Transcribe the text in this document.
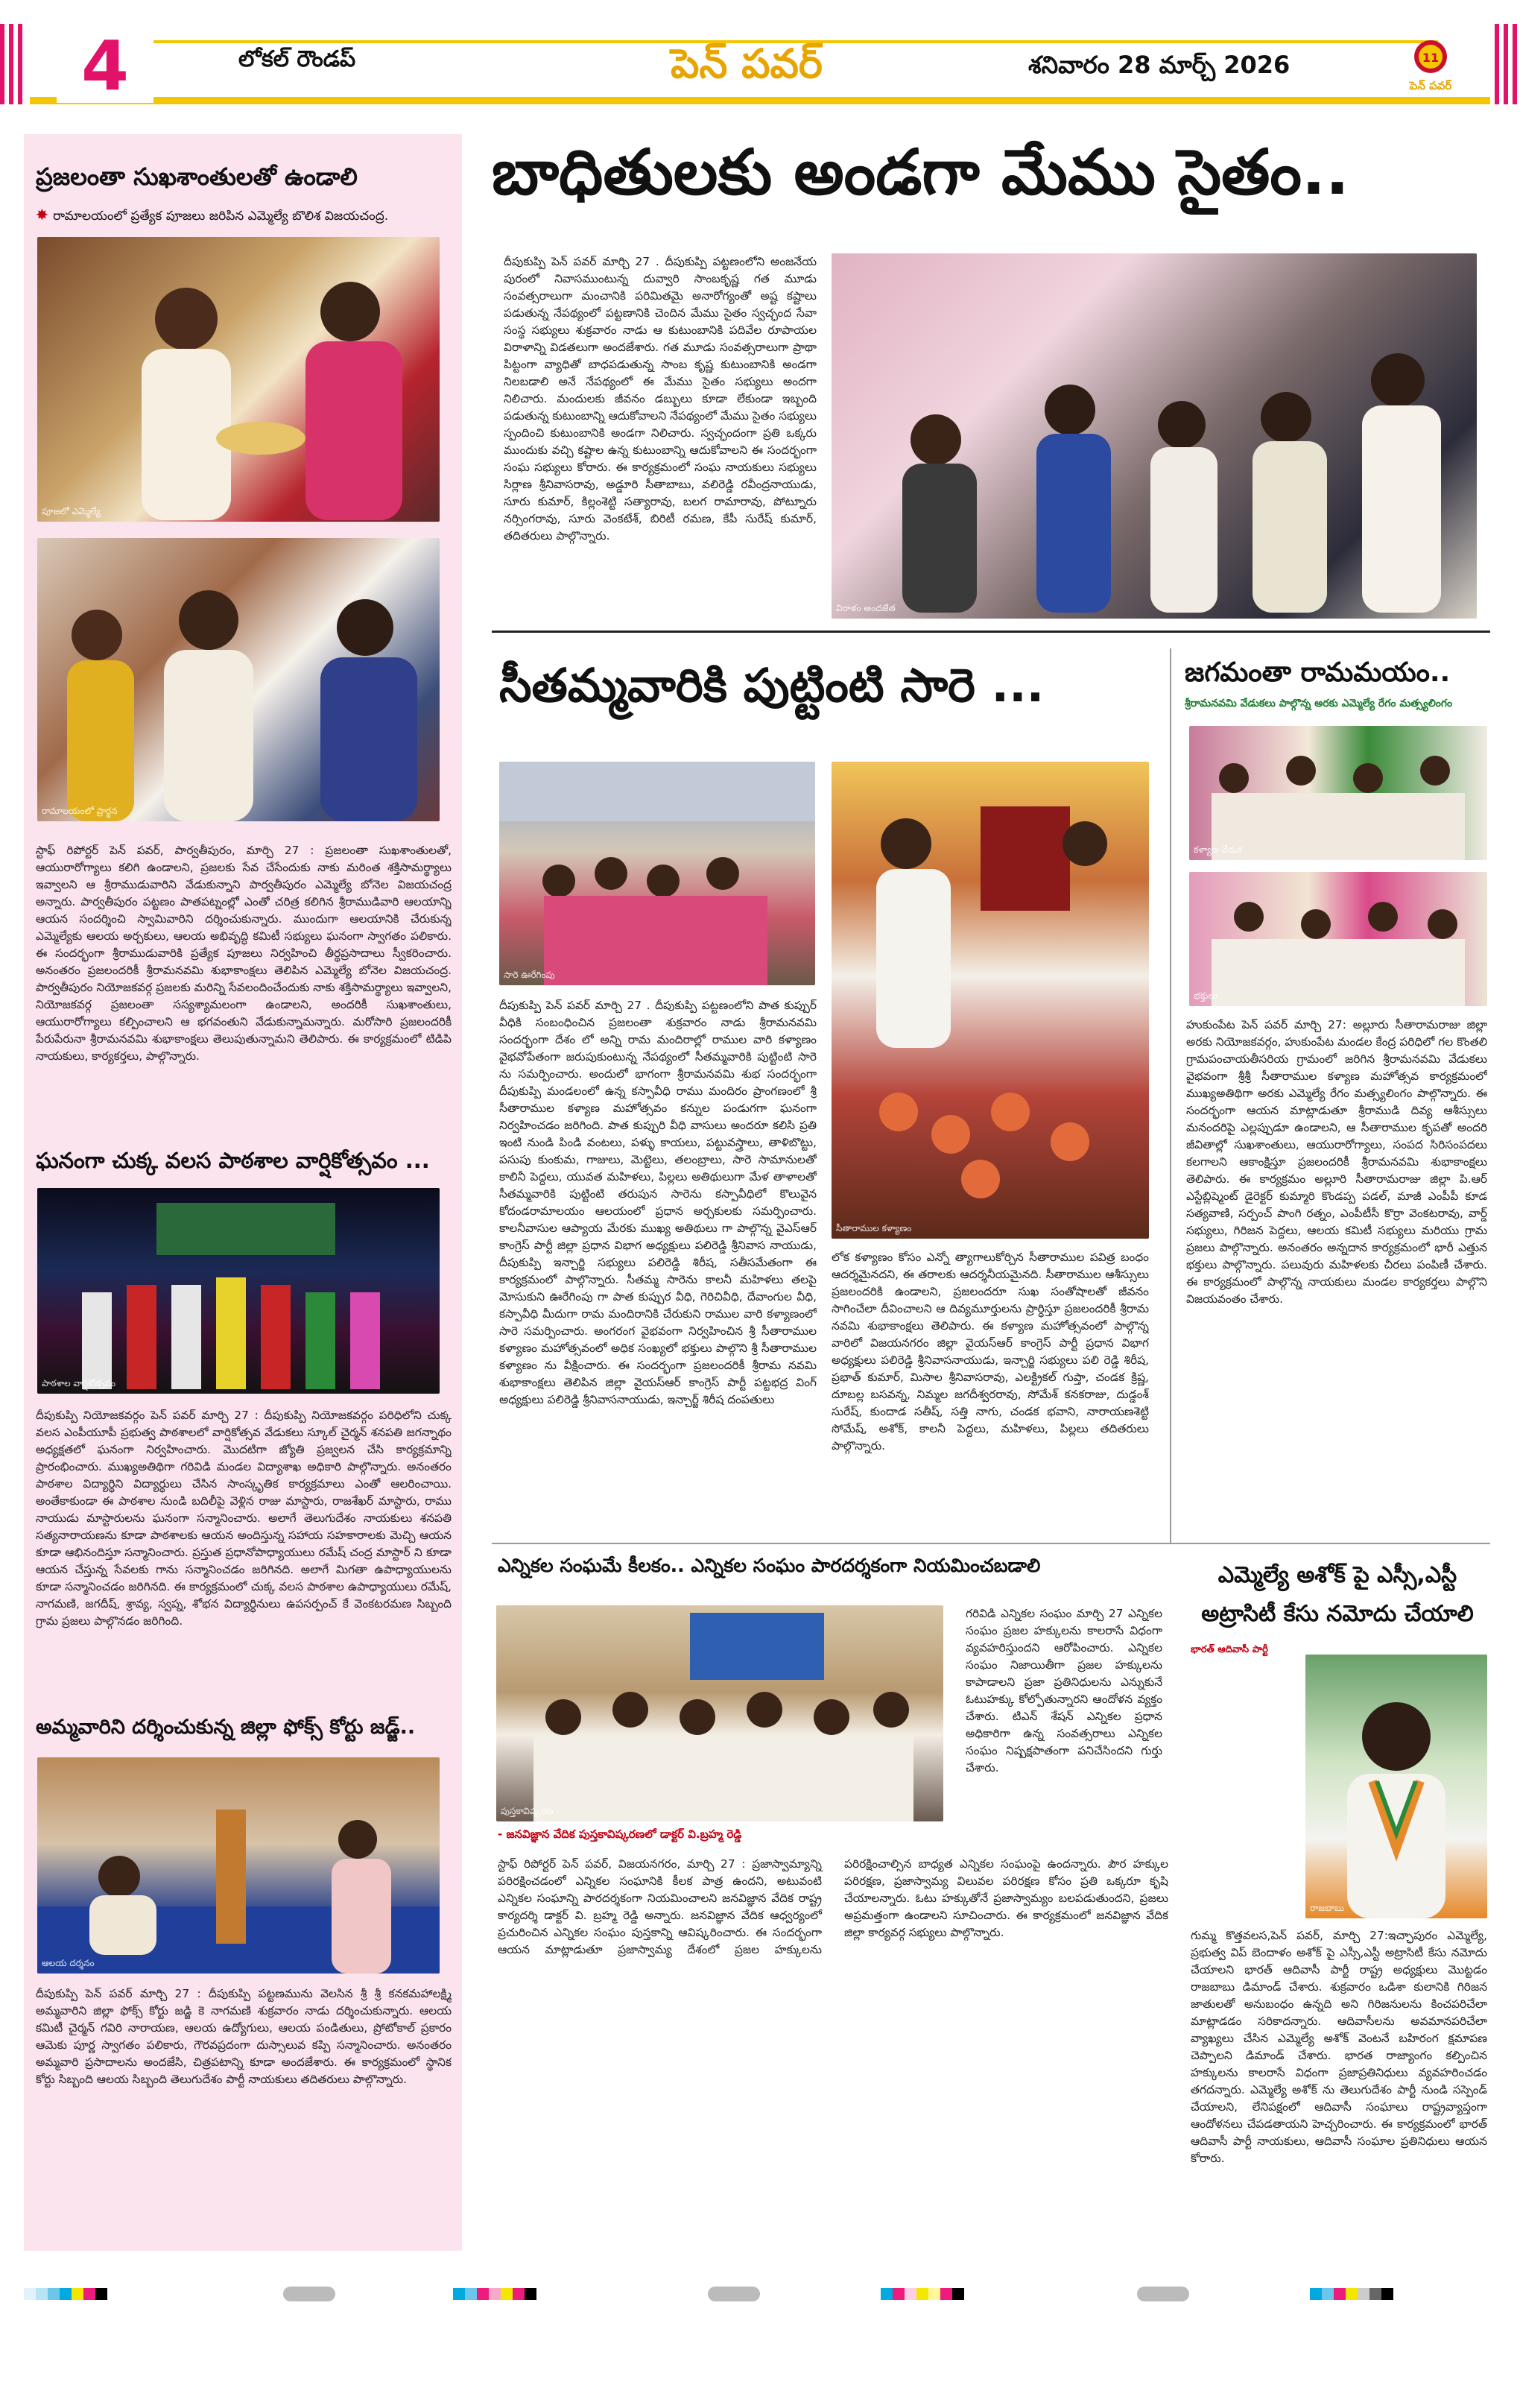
4	లోకల్ రౌండప్	పెన్ పవర్	శనివారం 28 మార్చ్ 2026	11
పెన్ పవర్
ప్రజలంతా సుఖశాంతులతో ఉండాలి
✸ రామాలయంలో ప్రత్యేక పూజలు జరిపిన ఎమ్మెల్యే బొలిశ విజయచంద్ర.
పూజలో ఎమ్మెల్యే
రామాలయంలో ప్రార్థన
స్టాఫ్ రిపోర్టర్ పెన్ పవర్, పార్వతీపురం, మార్చి 27 : ప్రజలంతా సుఖశాంతులతో, ఆయురారోగ్యాలు కలిగి ఉండాలని, ప్రజలకు సేవ చేసేందుకు నాకు మరింత శక్తిసామర్థ్యాలు ఇవ్వాలని ఆ శ్రీరాముడువారిని వేడుకున్నాని పార్వతీపురం ఎమ్మెల్యే బోనెల విజయచంద్ర అన్నారు. పార్వతీపురం పట్టణం పాతపట్నంల్లో ఎంతో చరిత్ర కలిగిన శ్రీరాముడివారి ఆలయాన్ని ఆయన సందర్శించి స్వామివారిని దర్శించుకున్నారు. ముందుగా ఆలయానికి చేరుకున్న ఎమ్మెల్యేకు ఆలయ అర్చకులు, ఆలయ అభివృద్ధి కమిటీ సభ్యులు ఘనంగా స్వాగతం పలికారు. ఈ సందర్భంగా శ్రీరాముడువారికి ప్రత్యేక పూజలు నిర్వహించి తీర్థప్రసాదాలు స్వీకరించారు. అనంతరం ప్రజలందరికీ శ్రీరామనవమి శుభాకాంక్షలు తెలిపిన ఎమ్మెల్యే బోనెల విజయచంద్ర. పార్వతీపురం నియోజకవర్గ ప్రజలకు మరిన్ని సేవలందించేందుకు నాకు శక్తిసామర్థ్యాలు ఇవ్వాలని, నియోజకవర్గ ప్రజలంతా సస్యశ్యామలంగా ఉండాలని, అందరికీ సుఖశాంతులు, ఆయురారోగ్యాలు కల్పించాలని ఆ భగవంతుని వేడుకున్నామన్నారు. మరోసారి ప్రజలందరికీ పేరుపేరునా శ్రీరామనవమి శుభాకాంక్షలు తెలుపుతున్నామని తెలిపారు. ఈ కార్యక్రమంలో టిడిపి నాయకులు, కార్యకర్తలు, పాల్గొన్నారు.
ఘనంగా చుక్క వలస పాఠశాల వార్షికోత్సవం ...
పాఠశాల వార్షికోత్సవం
దీపుకుప్పి నియోజకవర్గం పెన్ పవర్ మార్చి 27 : దీపుకుప్పి నియోజకవర్గం పరిధిలోని చుక్క వలస ఎంపీయూపీ ప్రభుత్వ పాఠశాలలో వార్షికోత్సవ వేడుకలు స్కూల్ చైర్మన్ శనపతి జగన్నాథం అధ్యక్షతలో ఘనంగా నిర్వహించారు. మొదటిగా జ్యోతి ప్రజ్వలన చేసి కార్యక్రమాన్ని ప్రారంభించారు. ముఖ్యఅతిథిగా గరివిడి మండల విద్యాశాఖ అధికారి పాల్గొన్నారు. అనంతరం పాఠశాల విద్యార్థిని విద్యార్థులు చేసిన సాంస్కృతిక కార్యక్రమాలు ఎంతో ఆలరించాయి. అంతేకాకుండా ఈ పాఠశాల నుండి బదిలీపై వెళ్లిన రాజు మాస్టారు, రాజశేఖర్ మాస్టారు, రాము నాయుడు మాస్టారులను ఘనంగా సన్మానించారు. అలాగే తెలుగుదేశం నాయకులు శనపతి సత్యనారాయణను కూడా పాఠశాలకు ఆయన అందిస్తున్న సహాయ సహకారాలకు మెచ్చి ఆయన కూడా ఆభినందిస్తూ సన్మానించారు. ప్రస్తుత ప్రధానోపాధ్యాయులు రమేష్ చంద్ర మాస్టార్ ని కూడా ఆయన చేస్తున్న సేవలకు గాను సన్మానించడం జరిగినది. అలాగే మిగతా ఉపాధ్యాయులను కూడా సన్మానించడం జరిగినది. ఈ కార్యక్రమంలో చుక్క వలస పాఠశాల ఉపాధ్యాయులు రమేష్, నాగమణి, జగదీష్, శ్రావ్య, స్వప్న, శోభన విద్యార్థినులు ఉపసర్పంచ్ కే వెంకటరమణ సిబ్బంది గ్రామ ప్రజలు పాల్గొనడం జరిగింది.
అమ్మవారిని దర్శించుకున్న జిల్లా ఫోక్స్ కోర్టు జడ్జ్..
ఆలయ దర్శనం
దీపుకుప్పి పెన్ పవర్ మార్చి 27 : దీపుకుప్పి పట్టణమును వెలసిన శ్రీ శ్రీ కనకమహాలక్ష్మి అమ్మవారిని జిల్లా ఫోక్స్ కోర్టు జడ్జి కె నాగమణి శుక్రవారం నాడు దర్శించుకున్నారు. ఆలయ కమిటీ చైర్మన్ గవిరి నారాయణ, ఆలయ ఉద్యోగులు, ఆలయ పండితులు, ప్రోటోకాల్ ప్రకారం ఆమెకు పూర్ణ స్వాగతం పలికారు, గౌరవప్రదంగా దుస్సాలువ కప్పి సన్మానించారు. అనంతరం అమ్మవారి ప్రసాదాలను అందజేసి, చిత్రపటాన్ని కూడా అందజేశారు. ఈ కార్యక్రమంలో స్థానిక కోర్టు సిబ్బంది ఆలయ సిబ్బంది తెలుగుదేశం పార్టీ నాయకులు తదితరులు పాల్గొన్నారు.
బాధితులకు అండగా మేము సైతం..
దీపుకుప్పి పెన్ పవర్ మార్చి 27 . దీపుకుప్పి పట్టణంలోని అంజనేయ పురంలో నివాసముంటున్న దువ్వారి సాంబకృష్ణ గత మూడు సంవత్సరాలుగా మంచానికి పరిమితమై అనారోగ్యంతో అష్ట కష్టాలు పడుతున్న నేపథ్యంలో పట్టణానికి చెందిన మేము సైతం స్వచ్ఛంద సేవా సంస్థ సభ్యులు శుక్రవారం నాడు ఆ కుటుంబానికి పదివేల రూపాయల విరాళాన్ని విడతలుగా అందజేశారు. గత మూడు సంవత్సరాలుగా ప్రాథా పిట్టంగా వ్యాధితో బాధపడుతున్న సాంబ కృష్ణ కుటుంబానికి అండగా నిలబడాలి అనే నేపథ్యంలో ఈ మేము సైతం సభ్యులు అందగా నిలిచారు. మందులకు జీవనం డబ్బులు కూడా లేకుండా ఇబ్బంది పడుతున్న కుటుంబాన్ని ఆదుకోవాలని నేపథ్యంలో మేము సైతం సభ్యులు స్పందించి కుటుంబానికి అండగా నిలిచారు. స్వచ్ఛందంగా ప్రతి ఒక్కరు ముందుకు వచ్చి కష్టాల ఉన్న కుటుంబాన్ని ఆదుకోవాలని ఈ సందర్భంగా సంఘ సభ్యులు కోరారు. ఈ కార్యక్రమంలో సంఘ నాయకులు సభ్యులు సిర్లాణ శ్రీనివాసరావు, అడ్డూరి సీతాబాబు, వలిరెడ్డి రవీంద్రనాయుడు, సూరు కుమార్, కిల్లంశెట్టి సత్యారావు, బలగ రామారావు, పోట్నూరు నర్సింగరావు, సూరు వెంకటేశ్, బిరిటీ రమణ, కేపీ సురేష్ కుమార్, తదితరులు పాల్గొన్నారు.
విరాళం అందజేత
సీతమ్మవారికి పుట్టింటి సారె ...
సారె ఊరేగింపు
సీతారాముల కళ్యాణం
దీపుకుప్పి పెన్ పవర్ మార్చి 27 . దీపుకుప్పి పట్టణంలోని పాత కుప్పుర్ వీధికి సంబంధించిన ప్రజలంతా శుక్రవారం నాడు శ్రీరామనవమి సందర్భంగా దేశం లో అన్ని రామ మందిరాల్లో రాముల వారి కళ్యాణం వైభవోపేతంగా జరుపుకుంటున్న నేపథ్యంలో సీతమ్మవారికి పుట్టింటి సారె ను సమర్పించారు. అందులో భాగంగా శ్రీరామనవమి శుభ సందర్భంగా దీపుకుప్పి మండలంలో ఉన్న కస్పావీధి రాము మందిరం ప్రాంగణంలో శ్రీ సీతారాముల కళ్యాణ మహోత్సవం కన్నుల పండుగగా ఘనంగా నిర్వహించడం జరిగింది. పాత కుప్పురి వీధి వాసులు అందరూ కలిసి ప్రతి ఇంటి నుండి పిండి వంటలు, పళ్ళు కాయలు, పట్టువస్త్రాలు, తాళిబొట్టు, పసుపు కుంకుమ, గాజులు, మెట్టెలు, తలంబ్రాలు, సారె సామానులతో కాలినీ పెద్దలు, యువత మహిళలు, పిల్లలు అతిథులుగా మేళ తాళాలతో సీతమ్మవారికి పుట్టింటి తరుపున సారెను కస్పావీధిలో కొలువైన కోదండరామాలయం ఆలయంలో ప్రధాన అర్చకులకు సమర్పించారు. కాలనీవాసుల ఆప్యాయ మేరకు ముఖ్య అతిథులు గా పాల్గొన్న వైఎస్ఆర్ కాంగ్రెస్ పార్టీ జిల్లా ప్రధాన విభాగ అధ్యక్షులు పలిరెడ్డి శ్రీనివాస నాయుడు, దీపుకుప్పి ఇన్చార్జి సభ్యులు పలిరెడ్డి శిరీష, సతీసమేతంగా ఈ కార్యక్రమంలో పాల్గొన్నారు. సీతమ్మ సారెను కాలనీ మహిళలు తలపై మోసుకుని ఊరేగింపు గా పాత కుప్పుర వీధి, గెరిచివీధి, దేవాంగుల వీధి, కస్పావీధి మీదుగా రామ మందిరానికి చేరుకుని రాముల వారి కళ్యాణంలో సారె సమర్పించారు. అంగరంగ వైభవంగా నిర్వహించిన శ్రీ సీతారాముల కళ్యాణం మహోత్సవంలో అధిక సంఖ్యలో భక్తులు పాల్గొని శ్రీ సీతారాముల కళ్యాణం ను వీక్షించారు. ఈ సందర్భంగా ప్రజలందరికీ శ్రీరామ నవమి శుభాకాంక్షలు తెలిపిన జిల్లా వైయస్ఆర్ కాంగ్రెస్ పార్టీ పట్టభద్ర వింగ్ అధ్యక్షులు పలిరెడ్డి శ్రీనివాసనాయుడు, ఇన్చార్జ్ శిరీష దంపతులు
లోక కళ్యాణం కోసం ఎన్నో త్యాగాలుకోర్చిన సీతారాముల పవిత్ర బంధం ఆదర్శమైనదని, ఈ తరాలకు ఆదర్శనీయమైనది. సీతారాముల ఆశీస్సులు ప్రజలందరికి ఉండాలని, ప్రజలందరూ సుఖ సంతోషాలతో జీవనం సాగించేలా దీవించాలని ఆ దివ్యమూర్తులను ప్రార్ధిస్తూ ప్రజలందరికీ శ్రీరామ నవమి శుభాకాంక్షలు తెలిపారు. ఈ కళ్యాణ మహోత్సవంలో పాల్గొన్న వారిలో విజయనగరం జిల్లా వైయస్ఆర్ కాంగ్రెస్ పార్టీ ప్రధాన విభాగ అధ్యక్షులు పలిరెడ్డి శ్రీనివాసనాయుడు, ఇన్చార్జి సభ్యులు పలి రెడ్డి శిరీష, ప్రభాత్ కుమార్, మిసాల శ్రీనివాసరావు, ఎలక్ట్రికల్ గుప్తా, చండక క్రిష్ణ, దూబల్ల బసవన్న, నిమ్మల జగదీశ్వరరావు, సోమేశ్ కనకరాజు, దుడ్డంశ్ సురేష్, కుందాడ సతీష్, సత్తి నాగు, చండక భవాని, నారాయణశెట్టి సోమేష్, అశోక్, కాలనీ పెద్దలు, మహిళలు, పిల్లలు తదితరులు పాల్గొన్నారు.
జగమంతా రామమయం..
శ్రీరామనవమి వేడుకలు పాల్గొన్న అరకు ఎమ్మెల్యే రేగం మత్స్యలింగం
కళ్యాణ వేడుక
భక్తులు
హుకుంపేట పెన్ పవర్ మార్చి 27: అల్లూరు సీతారామరాజు జిల్లా అరకు నియోజకవర్గం, హుకుంపేట మండల కేంద్ర పరిధిలో గల కొంతలి గ్రామపంచాయతీసరియ గ్రామంలో జరిగిన శ్రీరామనవమి వేడుకలు వైభవంగా శ్రీశ్రీ సీతారాముల కళ్యాణ మహోత్సవ కార్యక్రమంలో ముఖ్యఅతిథిగా అరకు ఎమ్మెల్యే రేగం మత్స్యలింగం పాల్గొన్నారు. ఈ సందర్భంగా ఆయన మాట్లాడుతూ శ్రీరాముడి దివ్య ఆశీస్సులు మనందరిపై ఎల్లప్పుడూ ఉండాలని, ఆ సీతారాముల కృపతో అందరి జీవితాల్లో సుఖశాంతులు, ఆయురారోగ్యాలు, సంపద సిరిసంపదలు కలగాలని ఆకాంక్షిస్తూ ప్రజలందరికీ శ్రీరామనవమి శుభాకాంక్షలు తెలిపారు. ఈ కార్యక్రమం అల్లూరి సీతారామరాజు జిల్లా పి.ఆర్ ఎస్టేబ్లిష్మెంట్ డైరెక్టర్ కుమ్మారి కొండప్ప పడల్, మాజీ ఎంపీపీ కూడ సత్యవాణి, సర్పంచ్ పాంగి రత్నం, ఎంపీటీసీ కొర్రా వెంకటరావు, వార్డ్ సభ్యులు, గిరిజన పెద్దలు, ఆలయ కమిటీ సభ్యులు మరియు గ్రామ ప్రజలు పాల్గొన్నారు. అనంతరం అన్నదాన కార్యక్రమంలో భారీ ఎత్తున భక్తులు పాల్గొన్నారు. పలువురు మహిళలకు చీరలు పంపిణీ చేశారు. ఈ కార్యక్రమంలో పాల్గొన్న నాయకులు మండల కార్యకర్తలు పాల్గొని విజయవంతం చేశారు.
ఎన్నికల సంఘమే కీలకం.. ఎన్నికల సంఘం పారదర్శకంగా నియమించబడాలి
పుస్తకావిష్కరణ
- జనవిజ్ఞాన వేదిక పుస్తకావిష్కరణలో డాక్టర్ వి.బ్రహ్మ రెడ్డి
గరివిడి ఎన్నికల సంఘం మార్చి 27 ఎన్నికల సంఘం ప్రజల హక్కులను కాలరాసే విధంగా వ్యవహరిస్తుందని ఆరోపించారు. ఎన్నికల సంఘం నిజాయితీగా ప్రజల హక్కులను కాపాడాలని ప్రజా ప్రతినిధులను ఎన్నుకునే ఓటుహక్కు కోల్పోతున్నారని ఆందోళన వ్యక్తం చేశారు. టిఎన్ శేషన్ ఎన్నికల ప్రధాన అధికారిగా ఉన్న సంవత్సరాలు ఎన్నికల సంఘం నిష్పక్షపాతంగా పనిచేసిందని గుర్తు చేశారు.
స్టాఫ్ రిపోర్టర్ పెన్ పవర్, విజయనగరం, మార్చి 27 : ప్రజాస్వామ్యాన్ని పరిరక్షించడంలో ఎన్నికల సంఘానికి కీలక పాత్ర ఉందని, అటువంటి ఎన్నికల సంఘాన్ని పారదర్శకంగా నియమించాలని జనవిజ్ఞాన వేదిక రాష్ట్ర కార్యదర్శి డాక్టర్ వి. బ్రహ్మ రెడ్డి అన్నారు. జనవిజ్ఞాన వేదిక ఆధ్వర్యంలో ప్రచురించిన ఎన్నికల సంఘం పుస్తకాన్ని ఆవిష్కరించారు. ఈ సందర్భంగా ఆయన మాట్లాడుతూ ప్రజాస్వామ్య దేశంలో ప్రజల హక్కులను పరిరక్షించాల్సిన బాధ్యత ఎన్నికల సంఘంపై ఉందన్నారు. పౌర హక్కుల పరిరక్షణ, ప్రజాస్వామ్య విలువల పరిరక్షణ కోసం ప్రతి ఒక్కరూ కృషి చేయాలన్నారు. ఓటు హక్కుతోనే ప్రజాస్వామ్యం బలపడుతుందని, ప్రజలు అప్రమత్తంగా ఉండాలని సూచించారు. ఈ కార్యక్రమంలో జనవిజ్ఞాన వేదిక జిల్లా కార్యవర్గ సభ్యులు పాల్గొన్నారు.
ఎమ్మెల్యే అశోక్ పై ఎస్సీ,ఎస్టీ అట్రాసిటీ కేసు నమోదు చేయాలి
భారత్ ఆదివాసీ పార్టీ
రాజబాబు
గుమ్మ కొత్తవలస,పెన్ పవర్, మార్చి 27:ఇచ్ఛాపురం ఎమ్మెల్యే, ప్రభుత్వ విప్ బెందాళం అశోక్ పై ఎస్సీ,ఎస్టీ అట్రాసిటీ కేసు నమోదు చేయాలని భారత్ ఆదివాసీ పార్టీ రాష్ట్ర అధ్యక్షులు మొట్టడం రాజబాబు డిమాండ్ చేశారు. శుక్రవారం ఒడిశా కులానికి గిరిజన జాతులతో అనుబంధం ఉన్నది అని గిరిజనులను కించపరిచేలా మాట్లాడడం సరికాదన్నారు. ఆదివాసీలను అవమానపరిచేలా వ్యాఖ్యలు చేసిన ఎమ్మెల్యే అశోక్ వెంటనే బహిరంగ క్షమాపణ చెప్పాలని డిమాండ్ చేశారు. భారత రాజ్యాంగం కల్పించిన హక్కులను కాలరాసే విధంగా ప్రజాప్రతినిధులు వ్యవహరించడం తగదన్నారు. ఎమ్మెల్యే అశోక్ ను తెలుగుదేశం పార్టీ నుండి సస్పెండ్ చేయాలని, లేనిపక్షంలో ఆదివాసీ సంఘాలు రాష్ట్రవ్యాప్తంగా ఆందోళనలు చేపడతాయని హెచ్చరించారు. ఈ కార్యక్రమంలో భారత్ ఆదివాసీ పార్టీ నాయకులు, ఆదివాసీ సంఘాల ప్రతినిధులు ఆయన కోరారు.
